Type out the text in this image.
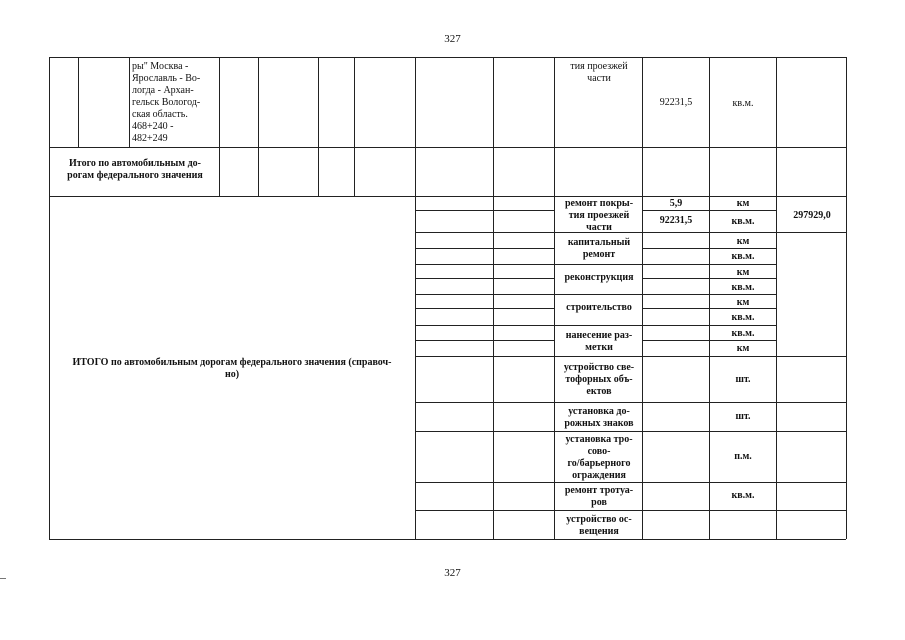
327
ры" Москва -
Ярославль - Во-
логда - Архан-
гельск Вологод-
ская область.
468+240 -
482+249
тия проезжей
части
92231,5	кв.м.
Итого по автомобильным до-
рогам федерального значения
ИТОГО по автомобильным дорогам федерального значения (справоч-
но)
297929,0
ремонт покры-
тия проезжей
части
капитальный
ремонт
реконструкция
строительство
нанесение раз-
метки
устройство све-
тофорных объ-
ектов
установка до-
рожных знаков
установка тро-
сово-
го/барьерного
ограждения
ремонт тротуа-
ров
устройство ос-
вещения
5,9
92231,5
км
кв.м.
км
кв.м.
км
кв.м.
км
кв.м.
кв.м.
км
шт.
шт.
п.м.
кв.м.
327
